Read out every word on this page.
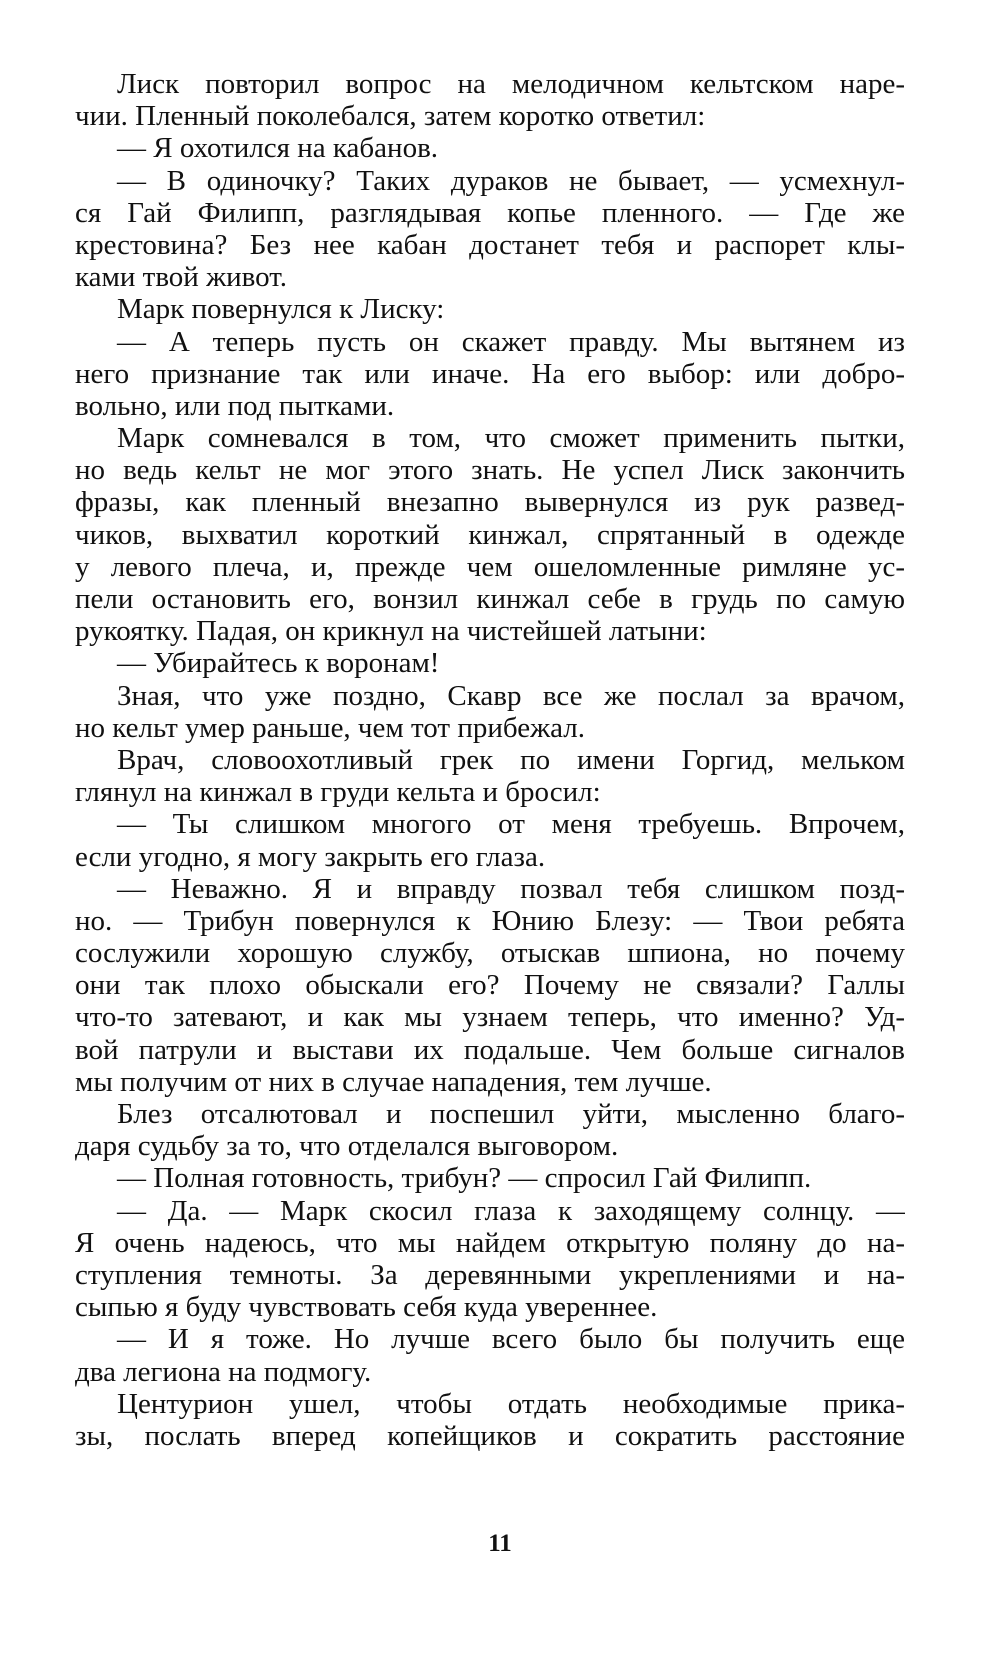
Лиск повторил вопрос на мелодичном кельтском наре-
чии. Пленный поколебался, затем коротко ответил:
— Я охотился на кабанов.
— В одиночку? Таких дураков не бывает, — усмехнул-
ся Гай Филипп, разглядывая копье пленного. — Где же
крестовина? Без нее кабан достанет тебя и распорет клы-
ками твой живот.
Марк повернулся к Лиску:
— А теперь пусть он скажет правду. Мы вытянем из
него признание так или иначе. На его выбор: или добро-
вольно, или под пытками.
Марк сомневался в том, что сможет применить пытки,
но ведь кельт не мог этого знать. Не успел Лиск закончить
фразы, как пленный внезапно вывернулся из рук развед-
чиков, выхватил короткий кинжал, спрятанный в одежде
у левого плеча, и, прежде чем ошеломленные римляне ус-
пели остановить его, вонзил кинжал себе в грудь по самую
рукоятку. Падая, он крикнул на чистейшей латыни:
— Убирайтесь к воронам!
Зная, что уже поздно, Скавр все же послал за врачом,
но кельт умер раньше, чем тот прибежал.
Врач, словоохотливый грек по имени Горгид, мельком
глянул на кинжал в груди кельта и бросил:
— Ты слишком многого от меня требуешь. Впрочем,
если угодно, я могу закрыть его глаза.
— Неважно. Я и вправду позвал тебя слишком позд-
но. — Трибун повернулся к Юнию Блезу: — Твои ребята
сослужили хорошую службу, отыскав шпиона, но почему
они так плохо обыскали его? Почему не связали? Галлы
что-то затевают, и как мы узнаем теперь, что именно? Уд-
вой патрули и выстави их подальше. Чем больше сигналов
мы получим от них в случае нападения, тем лучше.
Блез отсалютовал и поспешил уйти, мысленно благо-
даря судьбу за то, что отделался выговором.
— Полная готовность, трибун? — спросил Гай Филипп.
— Да. — Марк скосил глаза к заходящему солнцу. —
Я очень надеюсь, что мы найдем открытую поляну до на-
ступления темноты. За деревянными укреплениями и на-
сыпью я буду чувствовать себя куда увереннее.
— И я тоже. Но лучше всего было бы получить еще
два легиона на подмогу.
Центурион ушел, чтобы отдать необходимые прика-
зы, послать вперед копейщиков и сократить расстояние
11
